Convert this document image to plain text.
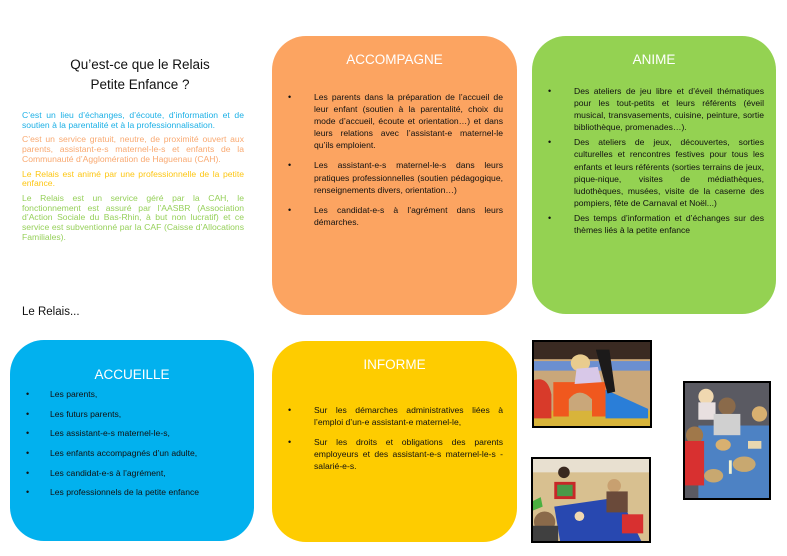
Qu’est-ce que le Relais
Petite Enfance ?

C’est un lieu d’échanges, d’écoute, d’information et de soutien à la parentalité et à la professionnalisation.

C’est un service gratuit, neutre, de proximité ouvert aux parents, assistant-e-s maternel-le-s et enfants de la Communauté d’Agglomération de Haguenau (CAH).

Le Relais est animé par une professionnelle de la petite enfance.

Le Relais est un service géré par la CAH, le fonctionnement est assuré par l’AASBR (Association d’Action Sociale du Bas-Rhin, à but non lucratif) et ce service est subventionné par la CAF (Caisse d’Allocations Familiales).

Le Relais...
ACCOMPAGNE
•	Les parents dans la préparation de l’accueil de leur enfant (soutien à la parentalité, choix du mode d’accueil, écoute et orientation…) et dans leurs relations avec l’assistant-e maternel-le qu’ils emploient.
•	Les assistant-e-s maternel-le-s dans leurs pratiques professionnelles (soutien pédagogique, renseignements divers, orientation…)
•	Les candidat-e-s à l’agrément dans leurs démarches.
ANIME
•	Des ateliers de jeu libre et d’éveil thématiques pour les tout-petits et leurs référents (éveil musical, transvasements, cuisine, peinture, sortie bibliothèque, promenades…).
•	Des ateliers de jeux, découvertes, sorties culturelles et rencontres festives pour tous les enfants et leurs référents (sorties terrains de jeux, pique-nique, visites de médiathèques, ludothèques, musées, visite de la caserne des pompiers, fête de Carnaval et Noël...)
•	Des temps d’information et d’échanges sur des thèmes liés à la petite enfance
ACCUEILLE
• Les parents,
• Les futurs parents,
• Les assistant-e-s maternel-le-s,
• Les enfants accompagnés d’un adulte,
• Les candidat-e-s à l’agrément,
• Les professionnels de la petite enfance
INFORME
•	Sur les démarches administratives liées à l’emploi d’un-e assistant-e maternel-le,
•	Sur les droits et obligations des parents employeurs et des assistant-e-s maternel-le-s - salarié-e-s.
